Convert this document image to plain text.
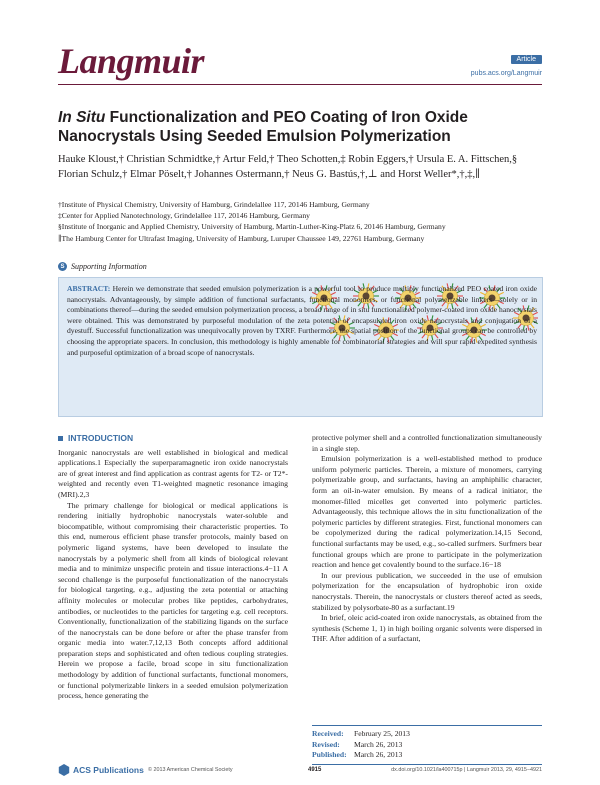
Langmuir	Article
pubs.acs.org/Langmuir
In Situ Functionalization and PEO Coating of Iron Oxide Nanocrystals Using Seeded Emulsion Polymerization
Hauke Kloust,† Christian Schmidtke,† Artur Feld,† Theo Schotten,‡ Robin Eggers,† Ursula E. A. Fittschen,§ Florian Schulz,† Elmar Pöselt,† Johannes Ostermann,† Neus G. Bastús,†,⊥ and Horst Weller*,†,‡,∥
†Institute of Physical Chemistry, University of Hamburg, Grindelallee 117, 20146 Hamburg, Germany
‡Center for Applied Nanotechnology, Grindelallee 117, 20146 Hamburg, Germany
§Institute of Inorganic and Applied Chemistry, University of Hamburg, Martin-Luther-King-Platz 6, 20146 Hamburg, Germany
∥The Hamburg Center for Ultrafast Imaging, University of Hamburg, Luruper Chaussee 149, 22761 Hamburg, Germany
S Supporting Information
ABSTRACT: Herein we demonstrate that seeded emulsion polymerization is a powerful tool to produce multiply functionalized PEO coated iron oxide nanocrystals. Advantageously, by simple addition of functional surfactants, functional monomers, or functional polymerizable linkers—solely or in combinations thereof—during the seeded emulsion polymerization process, a broad range of in situ functionalized polymer-coated iron oxide nanocrystals were obtained. This was demonstrated by purposeful modulation of the zeta potential of encapsulated iron oxide nanocrystals and conjugation of a dyestuff. Successful functionalization was unequivocally proven by TXRF. Furthermore, the spatial position of the functional groups can be controlled by choosing the appropriate spacers. In conclusion, this methodology is highly amenable for combinatorial strategies and will spur rapid expedited synthesis and purposeful optimization of a broad scope of nanocrystals.
INTRODUCTION

Inorganic nanocrystals are well established in biological and medical applications.1 Especially the superparamagnetic iron oxide nanocrystals are of great interest and find application as contrast agents for T2- or T2*-weighted and recently even T1-weighted magnetic resonance imaging (MRI).2,3

The primary challenge for biological or medical applications is rendering initially hydrophobic nanocrystals water-soluble and biocompatible, without compromising their characteristic properties. To this end, numerous efficient phase transfer protocols, mainly based on polymeric ligand systems, have been developed to insulate the nanocrystals by a polymeric shell from all kinds of biological relevant media and to minimize unspecific protein and tissue interactions.4−11 A second challenge is the purposeful functionalization of the nanocrystals for biological targeting, e.g., adjusting the zeta potential or attaching affinity molecules or molecular probes like peptides, carbohydrates, antibodies, or nucleotides to the particles for targeting e.g. cell receptors. Conventionally, functionalization of the stabilizing ligands on the surface of the nanocrystals can be done before or after the phase transfer from organic media into water.7,12,13 Both concepts afford additional preparation steps and sophisticated and often tedious coupling strategies. Herein we propose a facile, broad scope in situ functionalization methodology by addition of functional surfactants, functional monomers, or functional polymerizable linkers in a seeded emulsion polymerization process, hence generating the

protective polymer shell and a controlled functionalization simultaneously in a single step.

Emulsion polymerization is a well-established method to produce uniform polymeric particles. Therein, a mixture of monomers, carrying polymerizable group, and surfactants, having an amphiphilic character, form an oil-in-water emulsion. By means of a radical initiator, the monomer-filled micelles get converted into polymeric particles. Advantageously, this technique allows the in situ functionalization of the polymeric particles by different strategies. First, functional monomers can be copolymerized during the radical polymerization.14,15 Second, functional surfactants may be used, e.g., so-called surfmers. Surfmers bear functional groups which are prone to participate in the polymerization reaction and hence get covalently bound to the surface.16−18

In our previous publication, we succeeded in the use of emulsion polymerization for the encapsulation of hydrophobic iron oxide nanocrystals. Therein, the nanocrystals or clusters thereof acted as seeds, stabilized by polysorbate-80 as a surfactant.19

In brief, oleic acid-coated iron oxide nanocrystals, as obtained from the synthesis (Scheme 1, 1) in high boiling organic solvents were dispersed in THF. After addition of a surfactant,

Received:	February 25, 2013
Revised:	March 26, 2013
Published: March 26, 2013
ACS Publications © 2013 American Chemical Society	4915	dx.doi.org/10.1021/la400715p | Langmuir 2013, 29, 4915−4921
